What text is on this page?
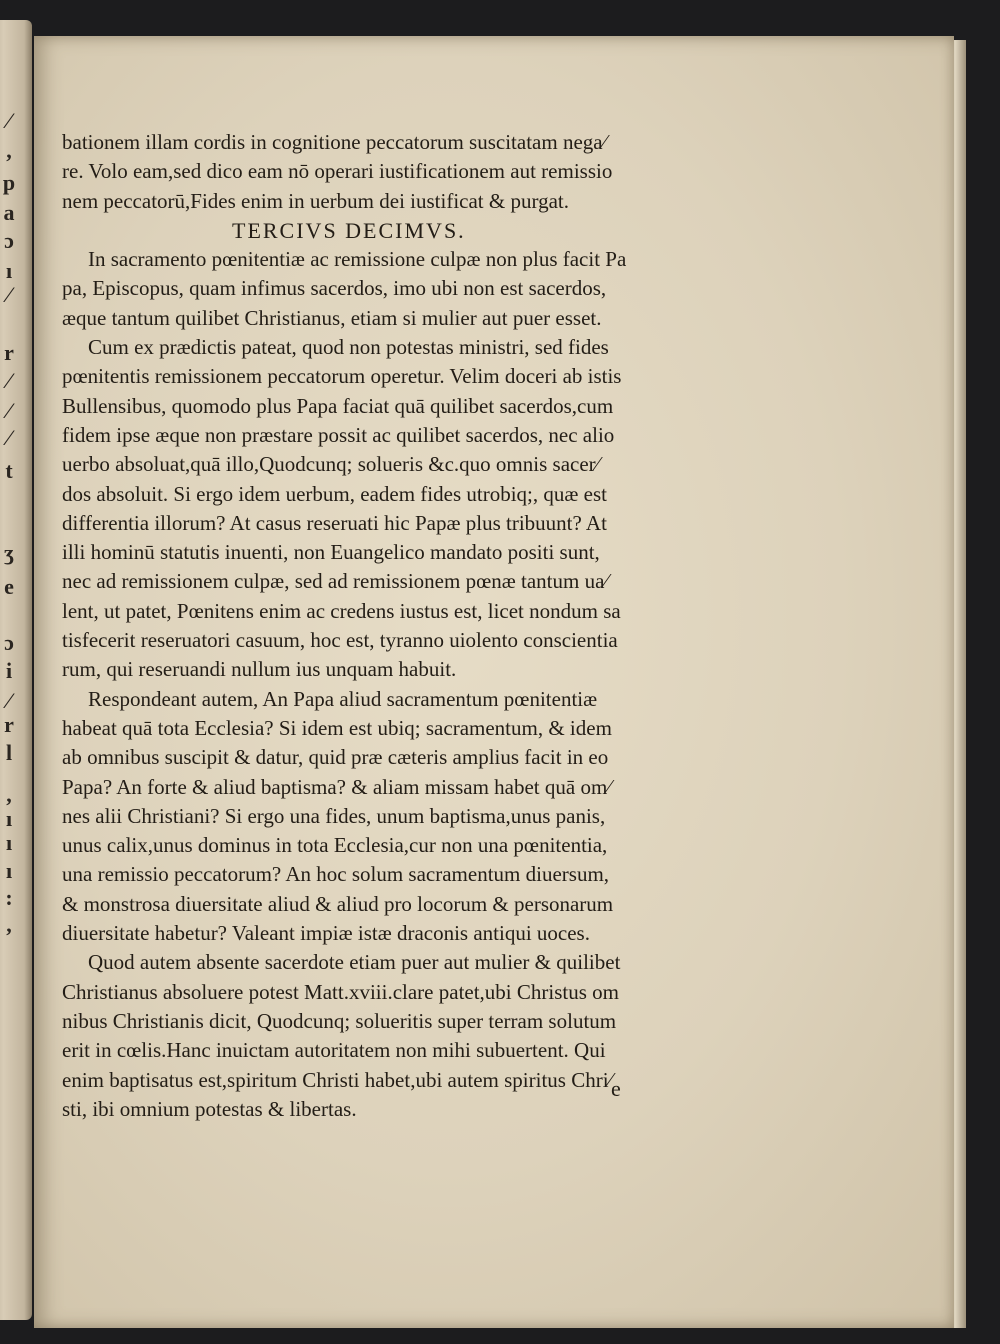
⁄
,
p
a
ɔ
ı
⁄
r
⁄
⁄
⁄
t
ʒ
e
ɔ
i
⁄
r
l
,
ı
ı
ı
:
,
bationem illam cordis in cognitione peccatorum suscitatam nega⁄
re. Volo eam,sed dico eam nō operari iustificationem aut remissio
nem peccatorū,Fides enim in uerbum dei iustificat & purgat.
TERCIVS DECIMVS.
In sacramento pœnitentiæ ac remissione culpæ non plus facit Pa
pa, Episcopus, quam infimus sacerdos, imo ubi non est sacerdos,
æque tantum quilibet Christianus, etiam si mulier aut puer esset.
Cum ex prædictis pateat, quod non potestas ministri, sed fides
pœnitentis remissionem peccatorum operetur. Velim doceri ab istis
Bullensibus, quomodo plus Papa faciat quā quilibet sacerdos,cum
fidem ipse æque non præstare possit ac quilibet sacerdos, nec alio
uerbo absoluat,quā illo,Quodcunq; solueris &c.quo omnis sacer⁄
dos absoluit. Si ergo idem uerbum, eadem fides utrobiq;, quæ est
differentia illorum? At casus reseruati hic Papæ plus tribuunt? At
illi hominū statutis inuenti, non Euangelico mandato positi sunt,
nec ad remissionem culpæ, sed ad remissionem pœnæ tantum ua⁄
lent, ut patet, Pœnitens enim ac credens iustus est, licet nondum sa
tisfecerit reseruatori casuum, hoc est, tyranno uiolento conscientia
rum, qui reseruandi nullum ius unquam habuit.
Respondeant autem, An Papa aliud sacramentum pœnitentiæ
habeat quā tota Ecclesia? Si idem est ubiq; sacramentum, & idem
ab omnibus suscipit & datur, quid præ cæteris amplius facit in eo
Papa? An forte & aliud baptisma? & aliam missam habet quā om⁄
nes alii Christiani? Si ergo una fides, unum baptisma,unus panis,
unus calix,unus dominus in tota Ecclesia,cur non una pœnitentia,
una remissio peccatorum? An hoc solum sacramentum diuersum,
& monstrosa diuersitate aliud & aliud pro locorum & personarum
diuersitate habetur? Valeant impiæ istæ draconis antiqui uoces.
Quod autem absente sacerdote etiam puer aut mulier & quilibet
Christianus absoluere potest Matt.xviii.clare patet,ubi Christus om
nibus Christianis dicit, Quodcunq; solueritis super terram solutum
erit in cœlis.Hanc inuictam autoritatem non mihi subuertent. Qui
enim baptisatus est,spiritum Christi habet,ubi autem spiritus Chri⁄
sti, ibi omnium potestas & libertas.
e
